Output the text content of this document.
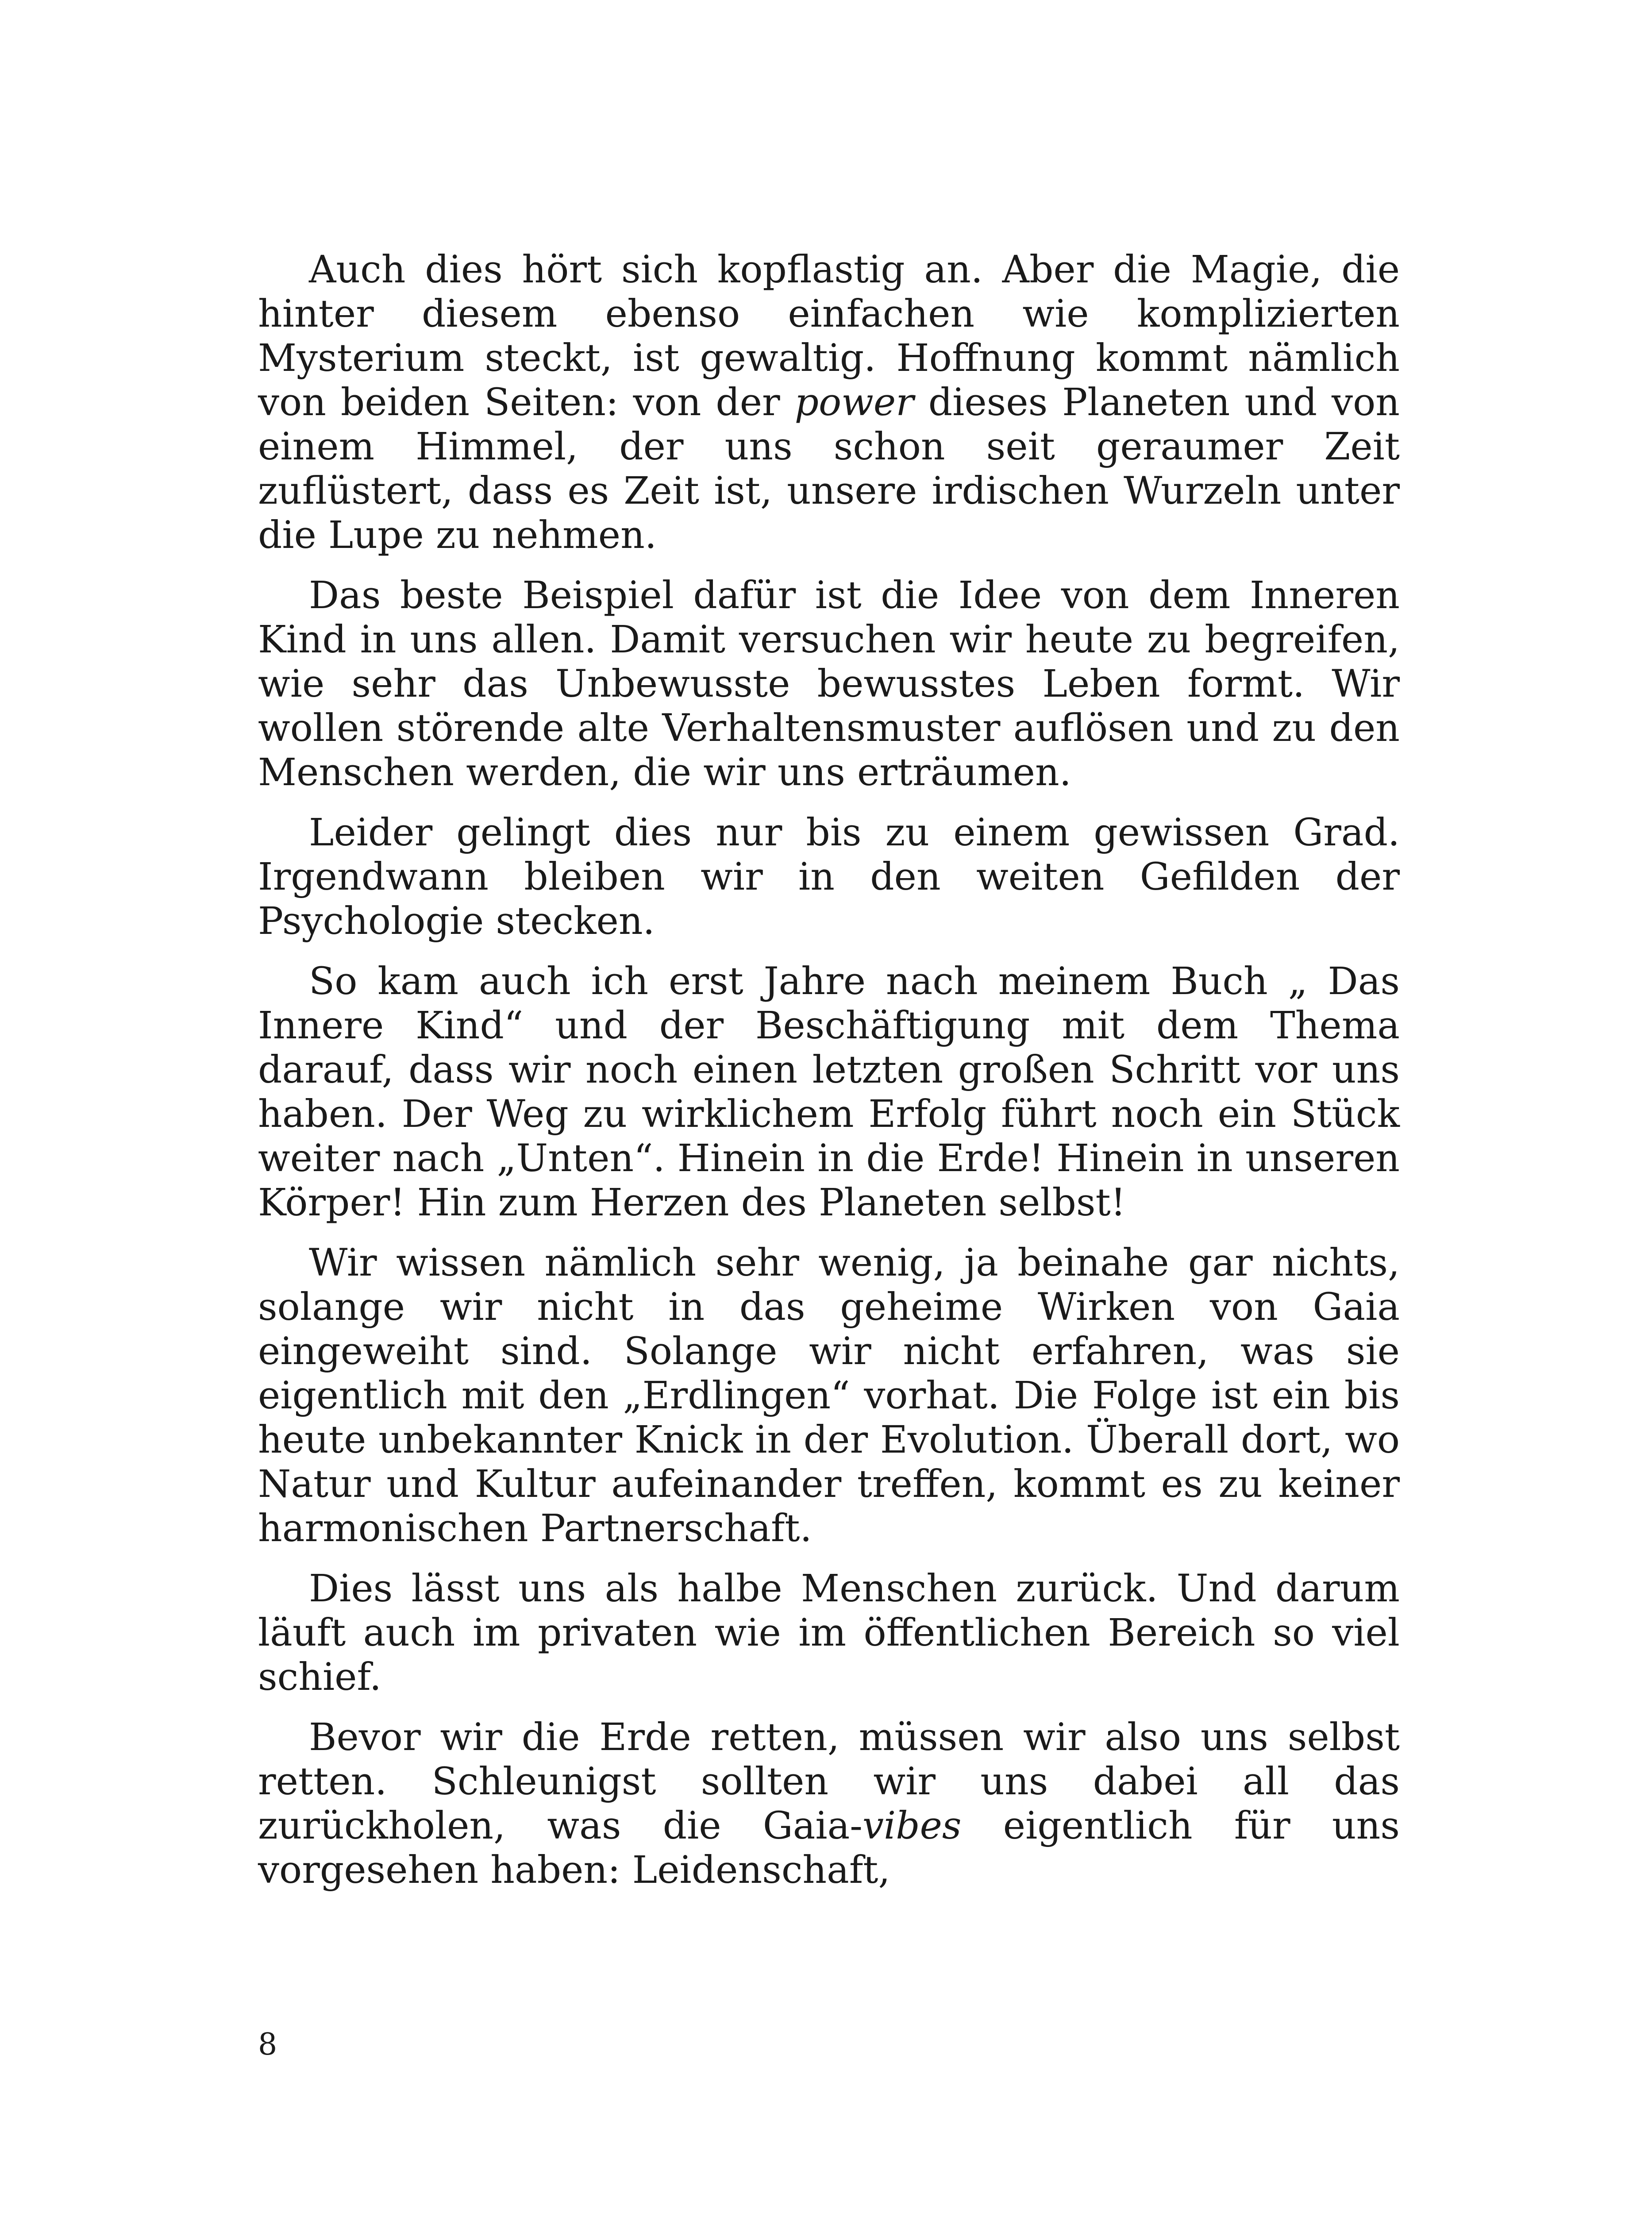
Auch dies hört sich kopflastig an. Aber die Magie, die hinter diesem ebenso einfachen wie komplizierten Mysterium steckt, ist gewaltig. Hoffnung kommt nämlich von beiden Seiten: von der power dieses Planeten und von einem Himmel, der uns schon seit geraumer Zeit zuflüstert, dass es Zeit ist, unsere irdischen Wurzeln unter die Lupe zu nehmen.

Das beste Beispiel dafür ist die Idee von dem Inneren Kind in uns allen. Damit versuchen wir heute zu begreifen, wie sehr das Unbewusste bewusstes Leben formt. Wir wollen störende alte Verhaltensmuster auflösen und zu den Menschen werden, die wir uns erträumen.

Leider gelingt dies nur bis zu einem gewissen Grad. Irgendwann bleiben wir in den weiten Gefilden der Psychologie stecken.

So kam auch ich erst Jahre nach meinem Buch „ Das Innere Kind“ und der Beschäftigung mit dem Thema darauf, dass wir noch einen letzten großen Schritt vor uns haben. Der Weg zu wirklichem Erfolg führt noch ein Stück weiter nach „Unten“. Hinein in die Erde! Hinein in unseren Körper! Hin zum Herzen des Planeten selbst!

Wir wissen nämlich sehr wenig, ja beinahe gar nichts, solange wir nicht in das geheime Wirken von Gaia eingeweiht sind. Solange wir nicht erfahren, was sie eigentlich mit den „Erdlingen“ vorhat. Die Folge ist ein bis heute unbekannter Knick in der Evolution. Überall dort, wo Natur und Kultur aufeinander treffen, kommt es zu keiner harmonischen Partnerschaft.

Dies lässt uns als halbe Menschen zurück. Und darum läuft auch im privaten wie im öffentlichen Bereich so viel schief.

Bevor wir die Erde retten, müssen wir also uns selbst retten. Schleunigst sollten wir uns dabei all das zurückholen, was die Gaia-vibes eigentlich für uns vorgesehen haben: Leidenschaft,

8
